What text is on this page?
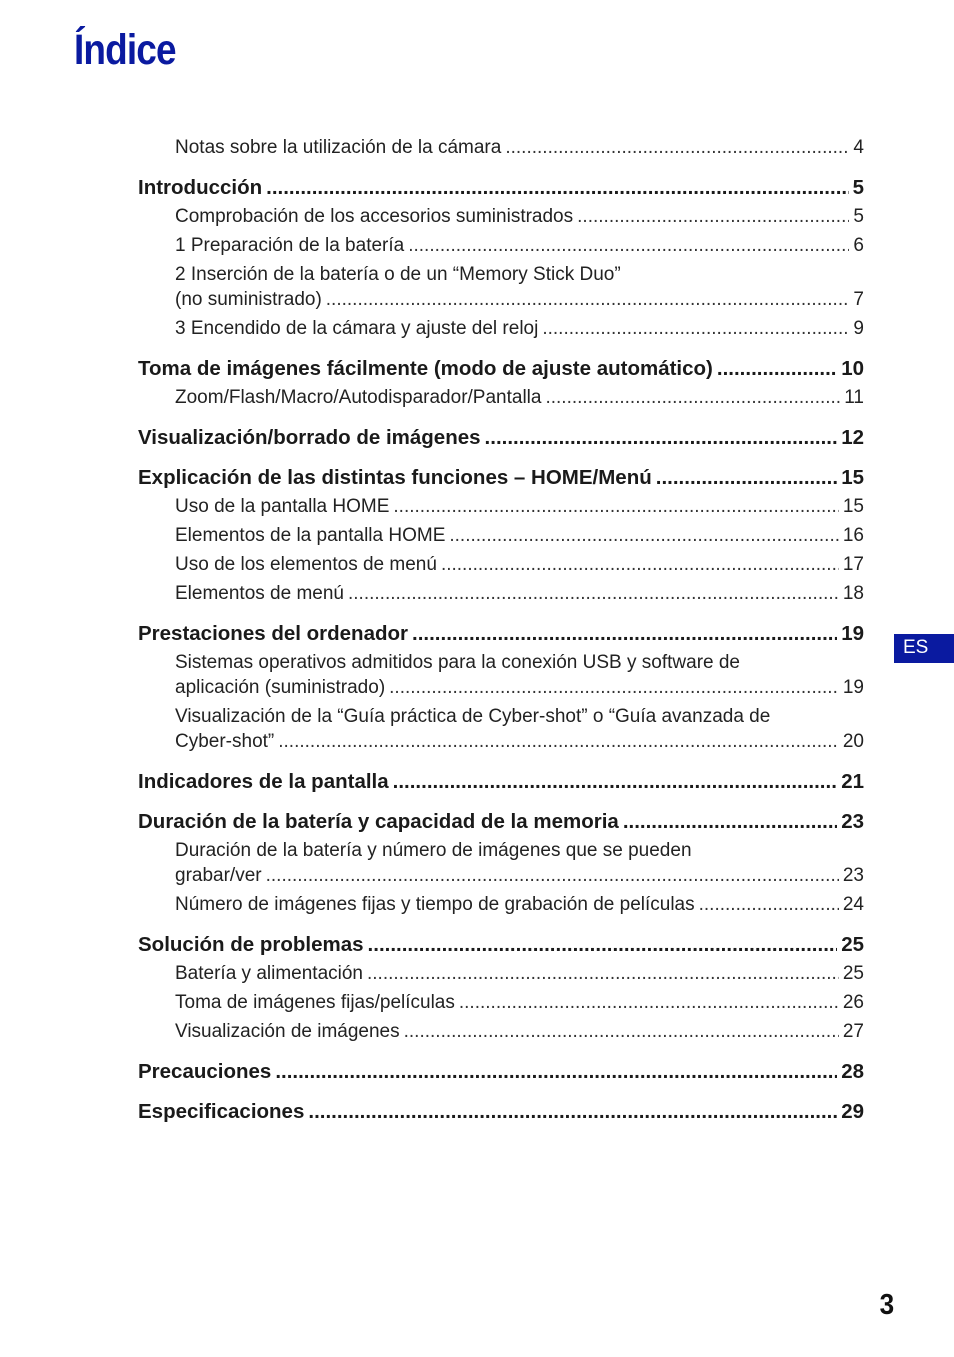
Índice
Notas sobre la utilización de la cámara .....	4
Introducción .....	5
Comprobación de los accesorios suministrados .....	5
1 Preparación de la batería .....	6
2 Inserción de la batería o de un “Memory Stick Duo”
(no suministrado) .....	7
3 Encendido de la cámara y ajuste del reloj .....	9
Toma de imágenes fácilmente (modo de ajuste automático) .....	10
Zoom/Flash/Macro/Autodisparador/Pantalla .....	11
Visualización/borrado de imágenes .....	12
Explicación de las distintas funciones – HOME/Menú .....	15
Uso de la pantalla HOME .....	15
Elementos de la pantalla HOME .....	16
Uso de los elementos de menú .....	17
Elementos de menú .....	18
Prestaciones del ordenador .....	19
Sistemas operativos admitidos para la conexión USB y software de
aplicación (suministrado) .....	19
Visualización de la “Guía práctica de Cyber-shot” o “Guía avanzada de
Cyber-shot” .....	20
Indicadores de la pantalla .....	21
Duración de la batería y capacidad de la memoria .....	23
Duración de la batería y número de imágenes que se pueden
grabar/ver .....	23
Número de imágenes fijas y tiempo de grabación de películas .....	24
Solución de problemas .....	25
Batería y alimentación .....	25
Toma de imágenes fijas/películas .....	26
Visualización de imágenes .....	27
Precauciones .....	28
Especificaciones .....	29
ES
3
